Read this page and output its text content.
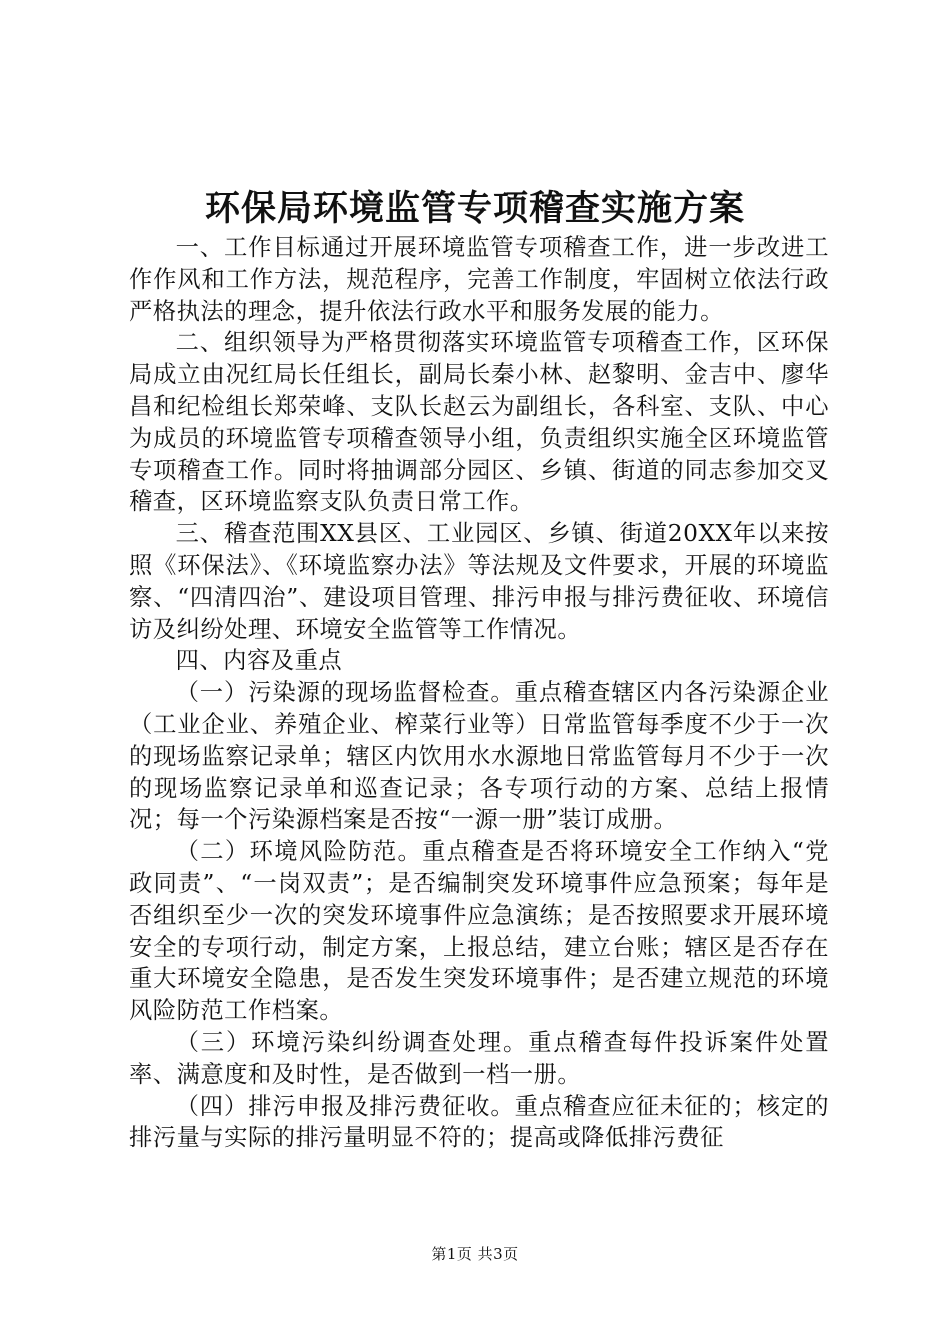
环保局环境监管专项稽查实施方案

一、工作目标通过开展环境监管专项稽查工作，进一步改进工作作风和工作方法，规范程序，完善工作制度，牢固树立依法行政严格执法的理念，提升依法行政水平和服务发展的能力。

二、组织领导为严格贯彻落实环境监管专项稽查工作，区环保局成立由况红局长任组长，副局长秦小林、赵黎明、金吉中、廖华昌和纪检组长郑荣峰、支队长赵云为副组长，各科室、支队、中心为成员的环境监管专项稽查领导小组，负责组织实施全区环境监管专项稽查工作。同时将抽调部分园区、乡镇、街道的同志参加交叉稽查，区环境监察支队负责日常工作。

三、稽查范围XX县区、工业园区、乡镇、街道20XX年以来按照《环保法》、《环境监察办法》等法规及文件要求，开展的环境监察、“四清四治”、建设项目管理、排污申报与排污费征收、环境信访及纠纷处理、环境安全监管等工作情况。

四、内容及重点

（一）污染源的现场监督检查。重点稽查辖区内各污染源企业（工业企业、养殖企业、榨菜行业等）日常监管每季度不少于一次的现场监察记录单；辖区内饮用水水源地日常监管每月不少于一次的现场监察记录单和巡查记录；各专项行动的方案、总结上报情况；每一个污染源档案是否按“一源一册”装订成册。

（二）环境风险防范。重点稽查是否将环境安全工作纳入“党政同责”、“一岗双责”；是否编制突发环境事件应急预案；每年是否组织至少一次的突发环境事件应急演练；是否按照要求开展环境安全的专项行动，制定方案，上报总结，建立台账；辖区是否存在重大环境安全隐患，是否发生突发环境事件；是否建立规范的环境风险防范工作档案。

（三）环境污染纠纷调查处理。重点稽查每件投诉案件处置率、满意度和及时性，是否做到一档一册。

（四）排污申报及排污费征收。重点稽查应征未征的；核定的排污量与实际的排污量明显不符的；提高或降低排污费征

第1页 共3页
